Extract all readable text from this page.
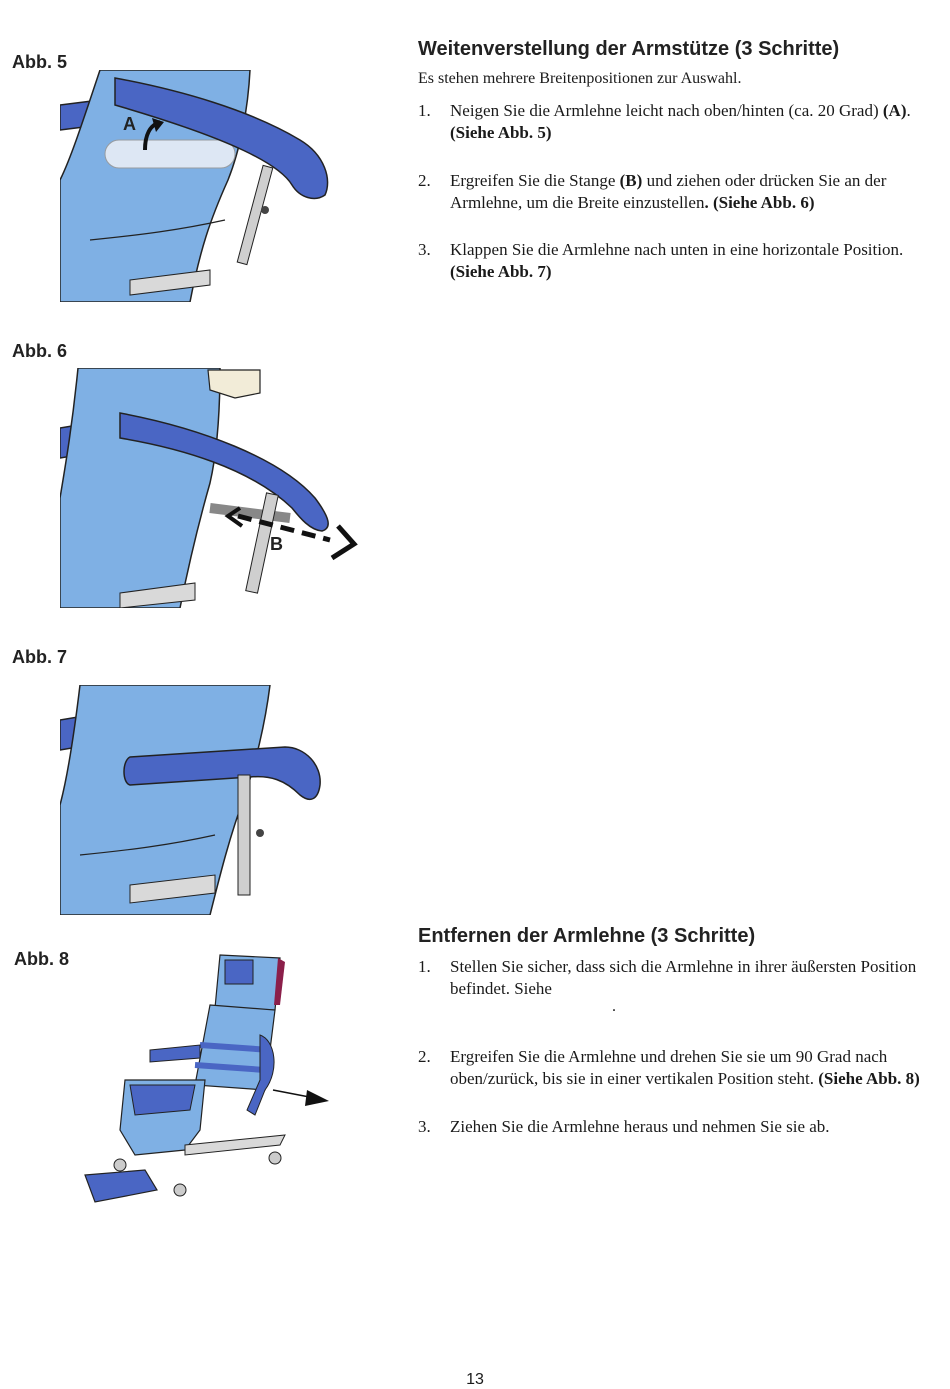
Abb. 5
Abb. 6
Abb. 7
Abb. 8
A
B
Weitenverstellung der Armstütze (3 Schritte)

Es stehen mehrere Breitenpositionen zur Auswahl.

1. Neigen Sie die Armlehne leicht nach oben/hinten (ca. 20 Grad) (A). (Siehe Abb. 5)
2. Ergreifen Sie die Stange (B) und ziehen oder drücken Sie an der Armlehne, um die Breite einzustellen. (Siehe Abb. 6)
3. Klappen Sie die Armlehne nach unten in eine horizontale Position. (Siehe Abb. 7)
Entfernen der Armlehne (3 Schritte)
1. Stellen Sie sicher, dass sich die Armlehne in ihrer äußersten Position befindet. Siehe
2. Ergreifen Sie die Armlehne und drehen Sie sie um 90 Grad nach oben/zurück, bis sie in einer vertikalen Position steht. (Siehe Abb. 8)
3. Ziehen Sie die Armlehne heraus und nehmen Sie sie ab.
.
13
